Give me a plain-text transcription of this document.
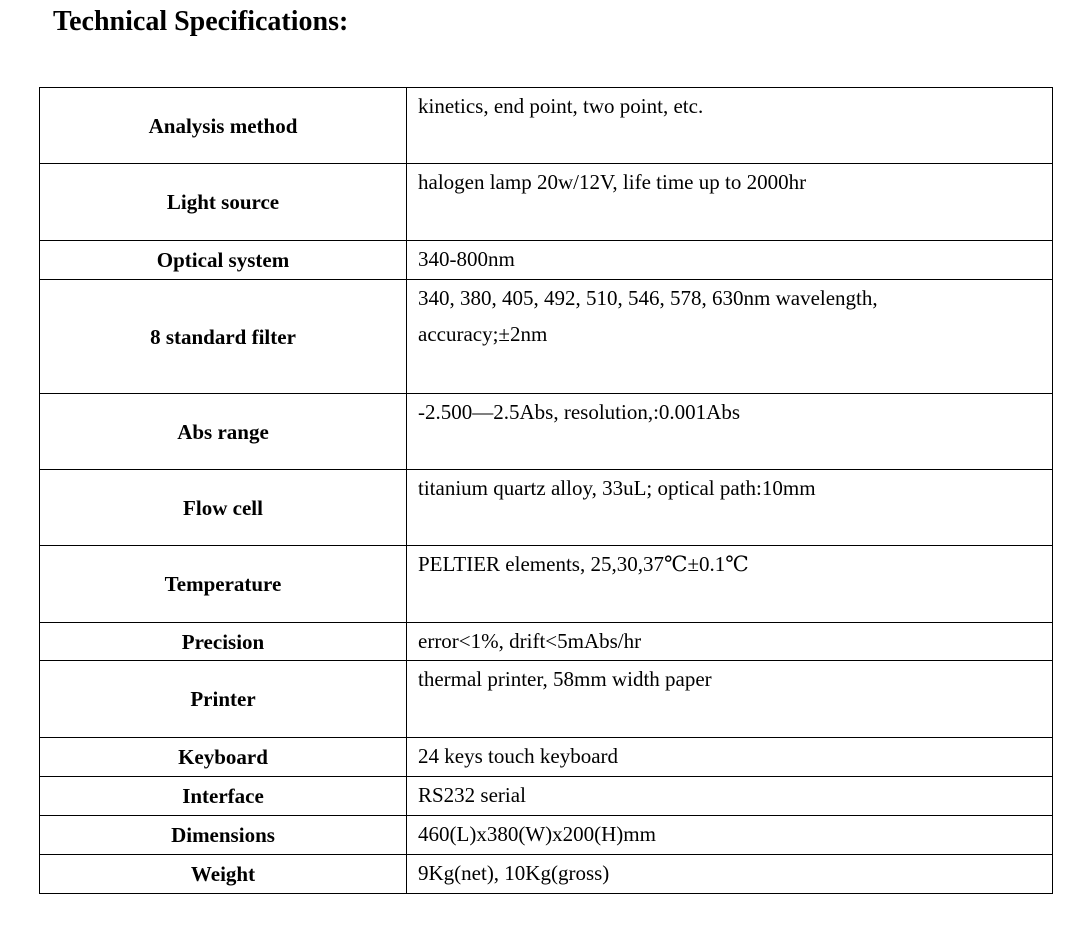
Technical Specifications:
Analysis method	kinetics, end point, two point, etc.
Light source	halogen lamp 20w/12V, life time up to 2000hr
Optical system	340-800nm
8 standard filter	340, 380, 405, 492, 510, 546, 578, 630nm wavelength,
accuracy;±2nm
Abs range	-2.500—2.5Abs, resolution,:0.001Abs
Flow cell	titanium quartz alloy, 33uL; optical path:10mm
Temperature	PELTIER elements, 25,30,37℃±0.1℃
Precision	error<1%, drift<5mAbs/hr
Printer	thermal printer, 58mm width paper
Keyboard	24 keys touch keyboard
Interface	RS232 serial
Dimensions	460(L)x380(W)x200(H)mm
Weight	9Kg(net), 10Kg(gross)
